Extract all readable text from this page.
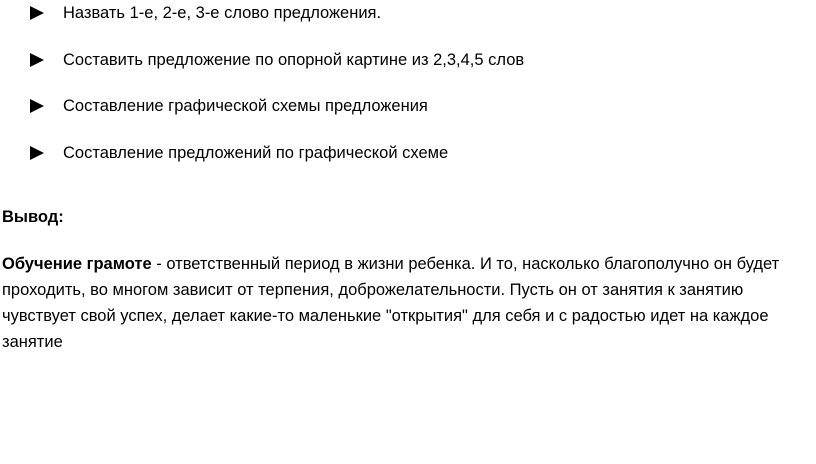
Назвать 1-е, 2-е, 3-е слово предложения.
Составить предложение по опорной картине из 2,3,4,5 слов
Составление графической схемы предложения
Составление предложений по графической схеме

Вывод:

Обучение грамоте - ответственный период в жизни ребенка. И то, насколько благополучно он будет проходить, во многом зависит от терпения, доброжелательности. Пусть он от занятия к занятию чувствует свой успех, делает какие-то маленькие "открытия" для себя и с радостью идет на каждое занятие
